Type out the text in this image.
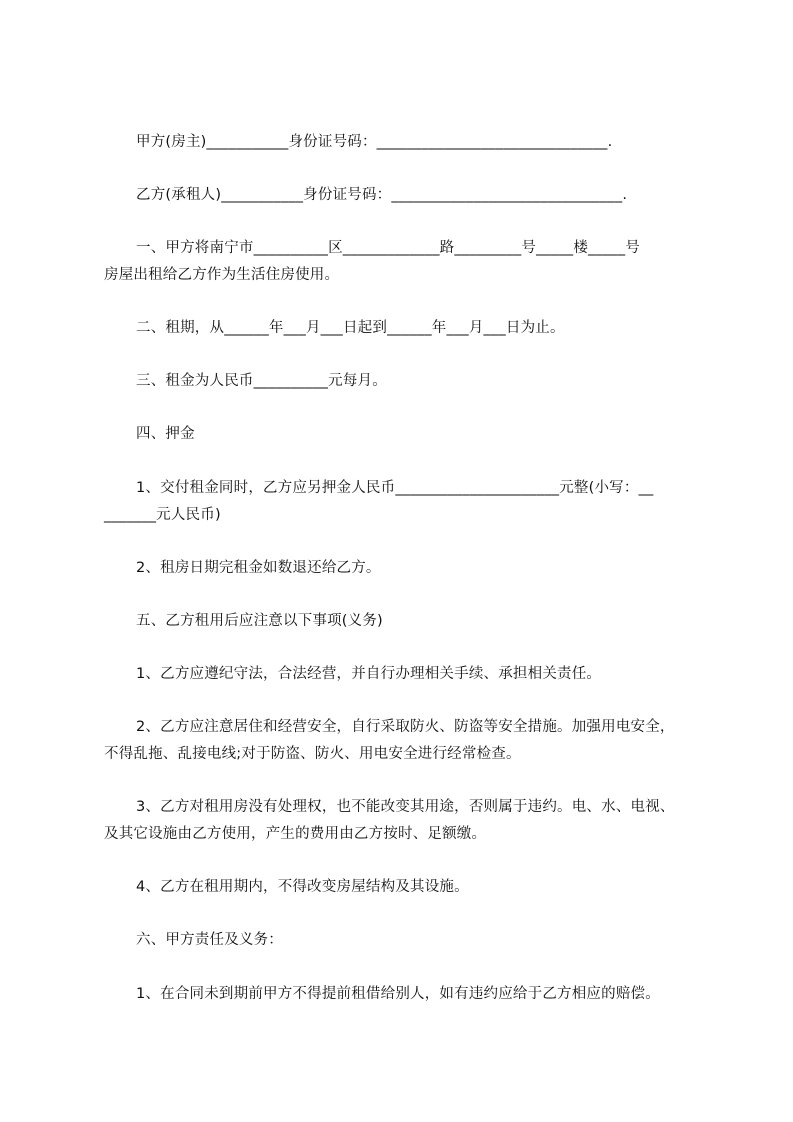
甲方(房主)___________身份证号码：_______________________________.
乙方(承租人)___________身份证号码：_______________________________.
一、甲方将南宁市__________区_____________路_________号_____楼_____号
房屋出租给乙方作为生活住房使用。
二、租期，从______年___月___日起到______年___月___日为止。
三、租金为人民币__________元每月。
四、押金
1、交付租金同时，乙方应另押金人民币______________________元整(小写：__
_______元人民币)
2、租房日期完租金如数退还给乙方。
五、乙方租用后应注意以下事项(义务)
1、乙方应遵纪守法，合法经营，并自行办理相关手续、承担相关责任。
2、乙方应注意居住和经营安全，自行采取防火、防盗等安全措施。加强用电安全，
不得乱拖、乱接电线;对于防盗、防火、用电安全进行经常检查。
3、乙方对租用房没有处理权，也不能改变其用途，否则属于违约。电、水、电视、
及其它设施由乙方使用，产生的费用由乙方按时、足额缴。
4、乙方在租用期内，不得改变房屋结构及其设施。
六、甲方责任及义务：
1、在合同未到期前甲方不得提前租借给别人，如有违约应给于乙方相应的赔偿。
